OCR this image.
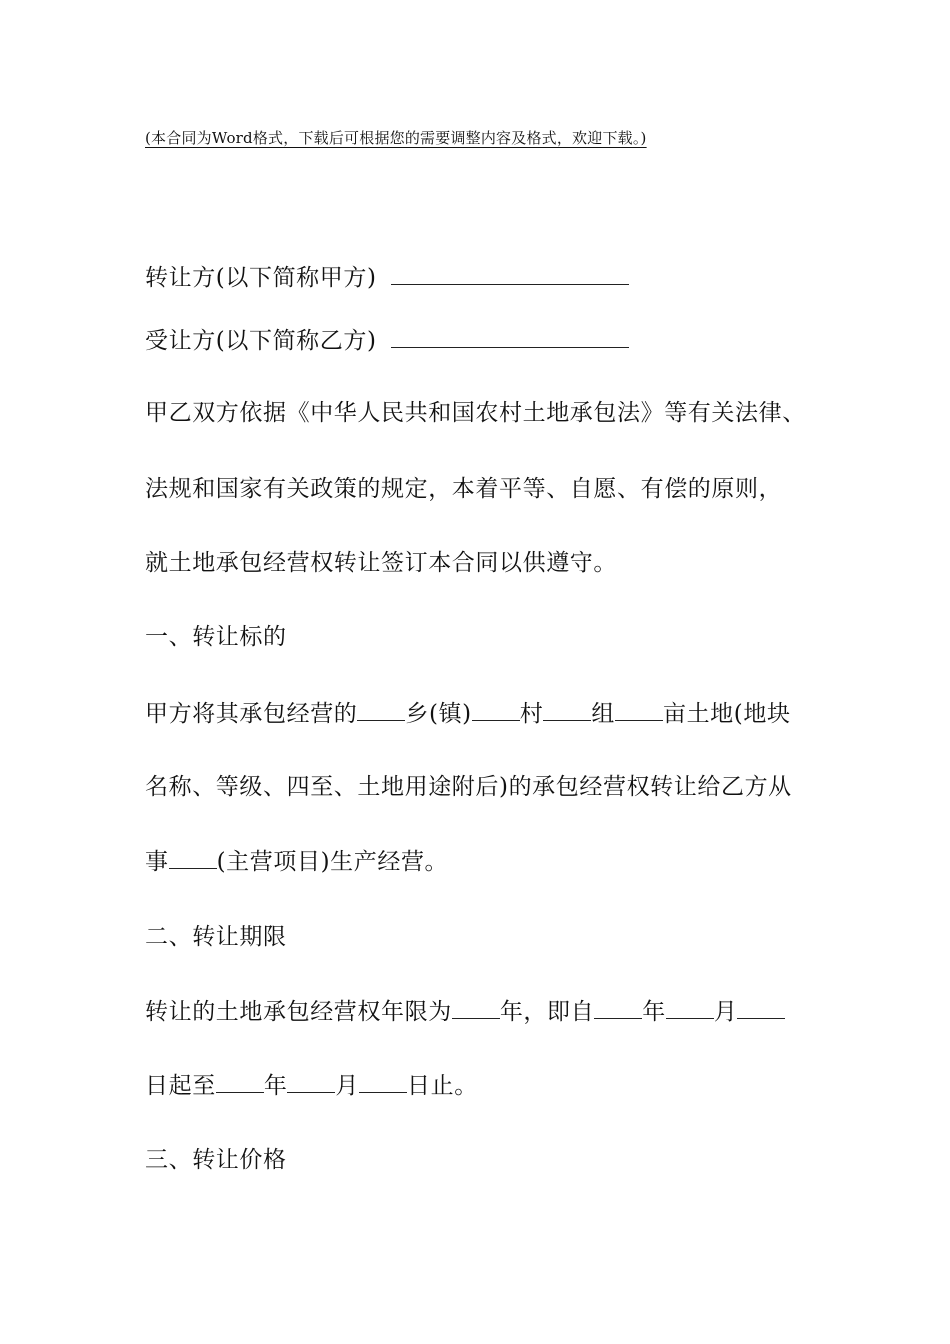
(本合同为Word格式，下载后可根据您的需要调整内容及格式，欢迎下载。)
转让方(以下简称甲方)
受让方(以下简称乙方)
甲乙双方依据《中华人民共和国农村土地承包法》等有关法律、
法规和国家有关政策的规定，本着平等、自愿、有偿的原则，
就土地承包经营权转让签订本合同以供遵守。
一、转让标的
甲方将其承包经营的 乡(镇) 村 组 亩土地(地块
名称、等级、四至、土地用途附后)的承包经营权转让给乙方从
事 (主营项目)生产经营。
二、转让期限
转让的土地承包经营权年限为 年，即自 年 月
日起至 年 月 日止。
三、转让价格
